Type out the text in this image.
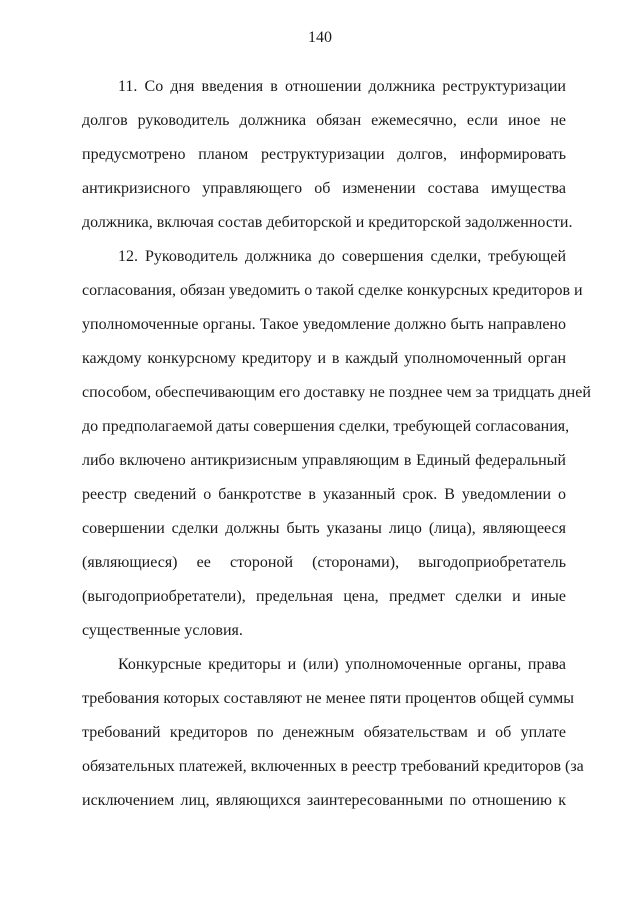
140
11. Со дня введения в отношении должника реструктуризации
долгов руководитель должника обязан ежемесячно, если иное не
предусмотрено планом реструктуризации долгов, информировать
антикризисного управляющего об изменении состава имущества
должника, включая состав дебиторской и кредиторской задолженности.
12. Руководитель должника до совершения сделки, требующей
согласования, обязан уведомить о такой сделке конкурсных кредиторов и
уполномоченные органы. Такое уведомление должно быть направлено
каждому конкурсному кредитору и в каждый уполномоченный орган
способом, обеспечивающим его доставку не позднее чем за тридцать дней
до предполагаемой даты совершения сделки, требующей согласования,
либо включено антикризисным управляющим в Единый федеральный
реестр сведений о банкротстве в указанный срок. В уведомлении о
совершении сделки должны быть указаны лицо (лица), являющееся
(являющиеся) ее стороной (сторонами), выгодоприобретатель
(выгодоприобретатели), предельная цена, предмет сделки и иные
существенные условия.
Конкурсные кредиторы и (или) уполномоченные органы, права
требования которых составляют не менее пяти процентов общей суммы
требований кредиторов по денежным обязательствам и об уплате
обязательных платежей, включенных в реестр требований кредиторов (за
исключением лиц, являющихся заинтересованными по отношению к
